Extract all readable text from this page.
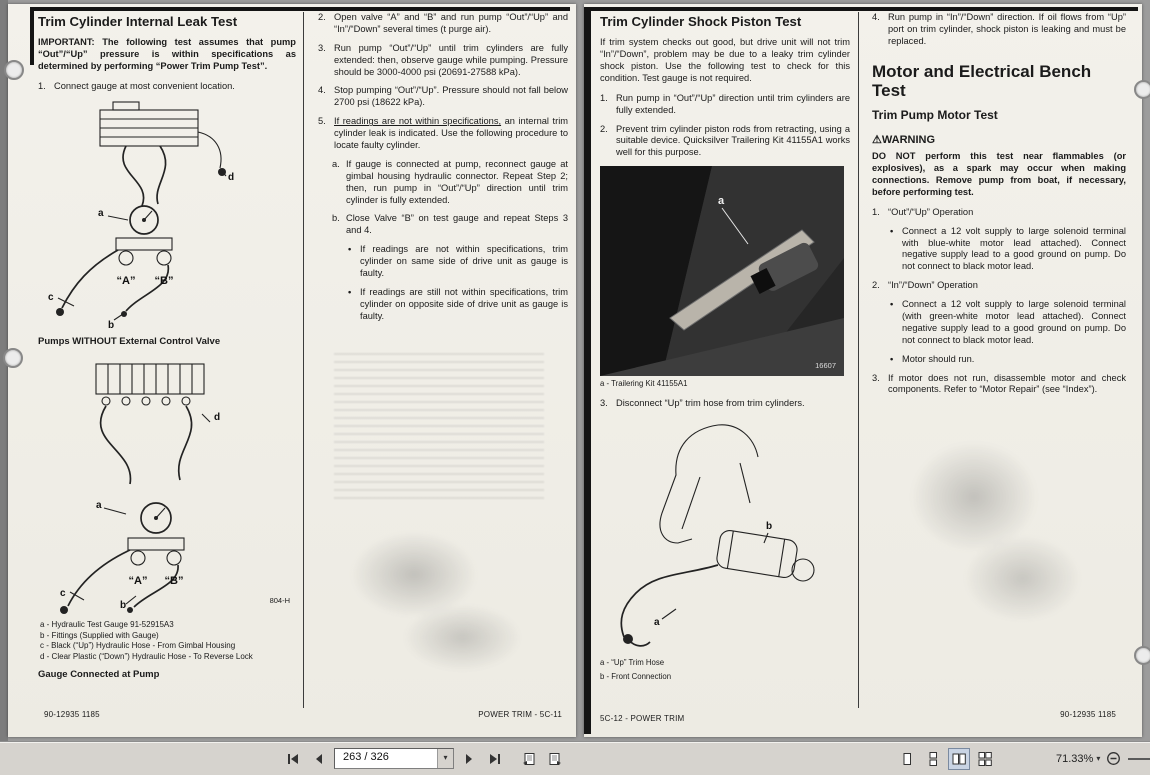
Trim Cylinder Internal Leak Test
IMPORTANT: The following test assumes that pump “Out”/“Up” pressure is within specifications as determined by performing “Power Trim Pump Test”.
1. Connect gauge at most convenient location.
“A” “B”
a
b
c
d
Pumps WITHOUT External Control Valve
“A” “B”
a
b
c
d
804-H
a - Hydraulic Test Gauge 91-52915A3
b - Fittings (Supplied with Gauge)
c - Black (“Up”) Hydraulic Hose - From Gimbal Housing
d - Clear Plastic (“Down”) Hydraulic Hose - To Reverse Lock
Gauge Connected at Pump
2. Open valve “A” and “B” and run pump “Out”/“Up” and “In”/“Down” several times (t purge air).
3. Run pump “Out”/“Up” until trim cylinders are fully extended: then, observe gauge while pumping. Pressure should be 3000-4000 psi (20691-27588 kPa).
4. Stop pumping “Out”/“Up”. Pressure should not fall below 2700 psi (18622 kPa).
5. If readings are not within specifications, an internal trim cylinder leak is indicated. Use the following procedure to locate faulty cylinder.
a. If gauge is connected at pump, reconnect gauge at gimbal housing hydraulic connector. Repeat Step 2; then, run pump in “Out”/“Up” direction until trim cylinder is fully extended.
b. Close Valve “B” on test gauge and repeat Steps 3 and 4.
• If readings are not within specifications, trim cylinder on same side of drive unit as gauge is faulty.
• If readings are still not within specifications, trim cylinder on opposite side of drive unit as gauge is faulty.
90-12935 1185	POWER TRIM - 5C-11
Trim Cylinder Shock Piston Test
If trim system checks out good, but drive unit will not trim “In”/“Down”, problem may be due to a leaky trim cylinder shock piston. Use the following test to check for this condition. Test gauge is not required.
1. Run pump in “Out”/“Up” direction until trim cylinders are fully extended.
2. Prevent trim cylinder piston rods from retracting, using a suitable device. Quicksilver Trailering Kit 41155A1 works well for this purpose.
a
16607
a - Trailering Kit 41155A1
3. Disconnect “Up” trim hose from trim cylinders.
a
b
a - “Up” Trim Hose
b - Front Connection
4. Run pump in “In”/“Down” direction. If oil flows from “Up” port on trim cylinder, shock piston is leaking and must be replaced.
Motor and Electrical Bench Test
Trim Pump Motor Test
⚠WARNING
DO NOT perform this test near flammables (or explosives), as a spark may occur when making connections. Remove pump from boat, if necessary, before performing test.
1. “Out”/“Up” Operation
• Connect a 12 volt supply to large solenoid terminal with blue-white motor lead attached). Connect negative supply lead to a good ground on pump. Do not connect to black motor lead.
2. “In”/“Down” Operation
• Connect a 12 volt supply to large solenoid terminal (with green-white motor lead attached). Connect negative supply lead to a good ground on pump. Do not connect to black motor lead.
• Motor should run.
3. If motor does not run, disassemble motor and check components. Refer to “Motor Repair” (see “Index”).
5C-12 - POWER TRIM	90-12935 1185
263 / 326	▾	71.33% ▾
